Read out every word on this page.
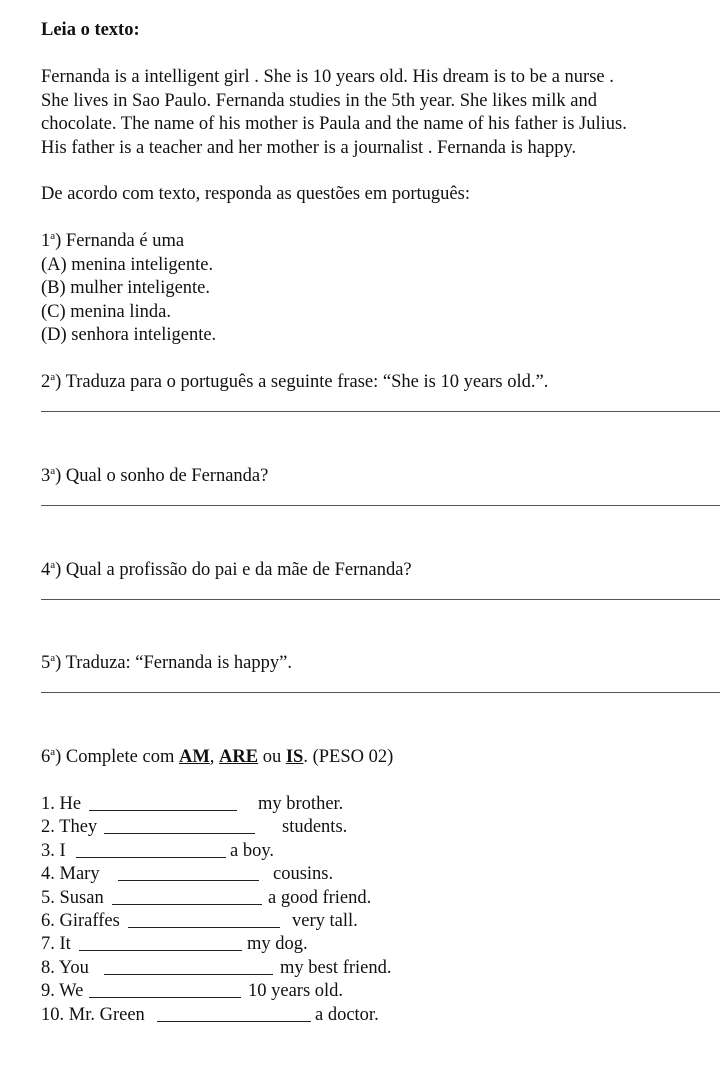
Leia o texto:
Fernanda is a intelligent girl . She is 10 years old. His dream is to be a nurse .
She lives in Sao Paulo. Fernanda studies in the 5th year. She likes milk and
chocolate. The name of his mother is Paula and the name of his father is Julius.
His father is a teacher and her mother is a journalist . Fernanda is happy.
De acordo com texto, responda as questões em português:
1$^a$) Fernanda é uma
(A) menina inteligente.
(B) mulher inteligente.
(C) menina linda.
(D) senhora inteligente.
2$^a$) Traduza para o português a seguinte frase: “She is 10 years old.”.
3$^a$) Qual o sonho de Fernanda?
4$^a$) Qual a profissão do pai e da mãe de Fernanda?
5$^a$) Traduza: “Fernanda is happy”.
6$^a$) Complete com AM, ARE ou IS. (PESO 02)
1. He	my brother.
2. They	students.
3. I	a boy.
4. Mary	cousins.
5. Susan	a good friend.
6. Giraffes	very tall.
7. It	my dog.
8. You	my best friend.
9. We	10 years old.
10. Mr. Green	a doctor.
